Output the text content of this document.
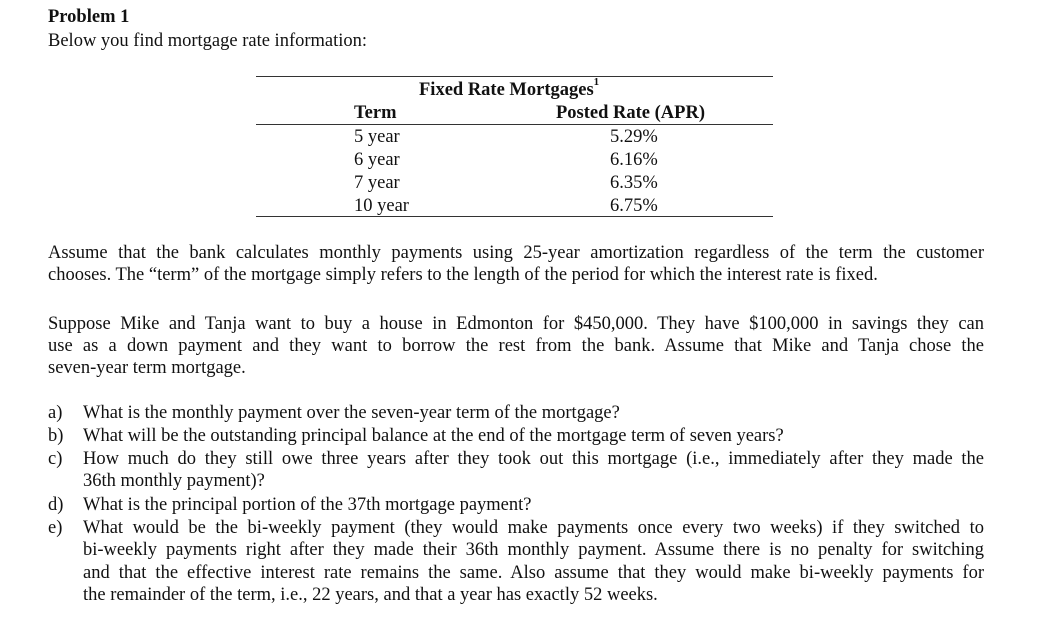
Problem 1
Below you find mortgage rate information:
Fixed Rate Mortgages$^1$
Term	Posted Rate (APR)
5 year	5.29%
6 year	6.16%
7 year	6.35%
10 year	6.75%
Assume that the bank calculates monthly payments using 25-year amortization regardless of the term the customer
chooses. The “term” of the mortgage simply refers to the length of the period for which the interest rate is fixed.
Suppose Mike and Tanja want to buy a house in Edmonton for $450,000. They have $100,000 in savings they can
use as a down payment and they want to borrow the rest from the bank. Assume that Mike and Tanja chose the
seven-year term mortgage.
a) What is the monthly payment over the seven-year term of the mortgage?
b) What will be the outstanding principal balance at the end of the mortgage term of seven years?
c) How much do they still owe three years after they took out this mortgage (i.e., immediately after they made the
36th monthly payment)?
d) What is the principal portion of the 37th mortgage payment?
e) What would be the bi-weekly payment (they would make payments once every two weeks) if they switched to
bi-weekly payments right after they made their 36th monthly payment. Assume there is no penalty for switching
and that the effective interest rate remains the same. Also assume that they would make bi-weekly payments for
the remainder of the term, i.e., 22 years, and that a year has exactly 52 weeks.
